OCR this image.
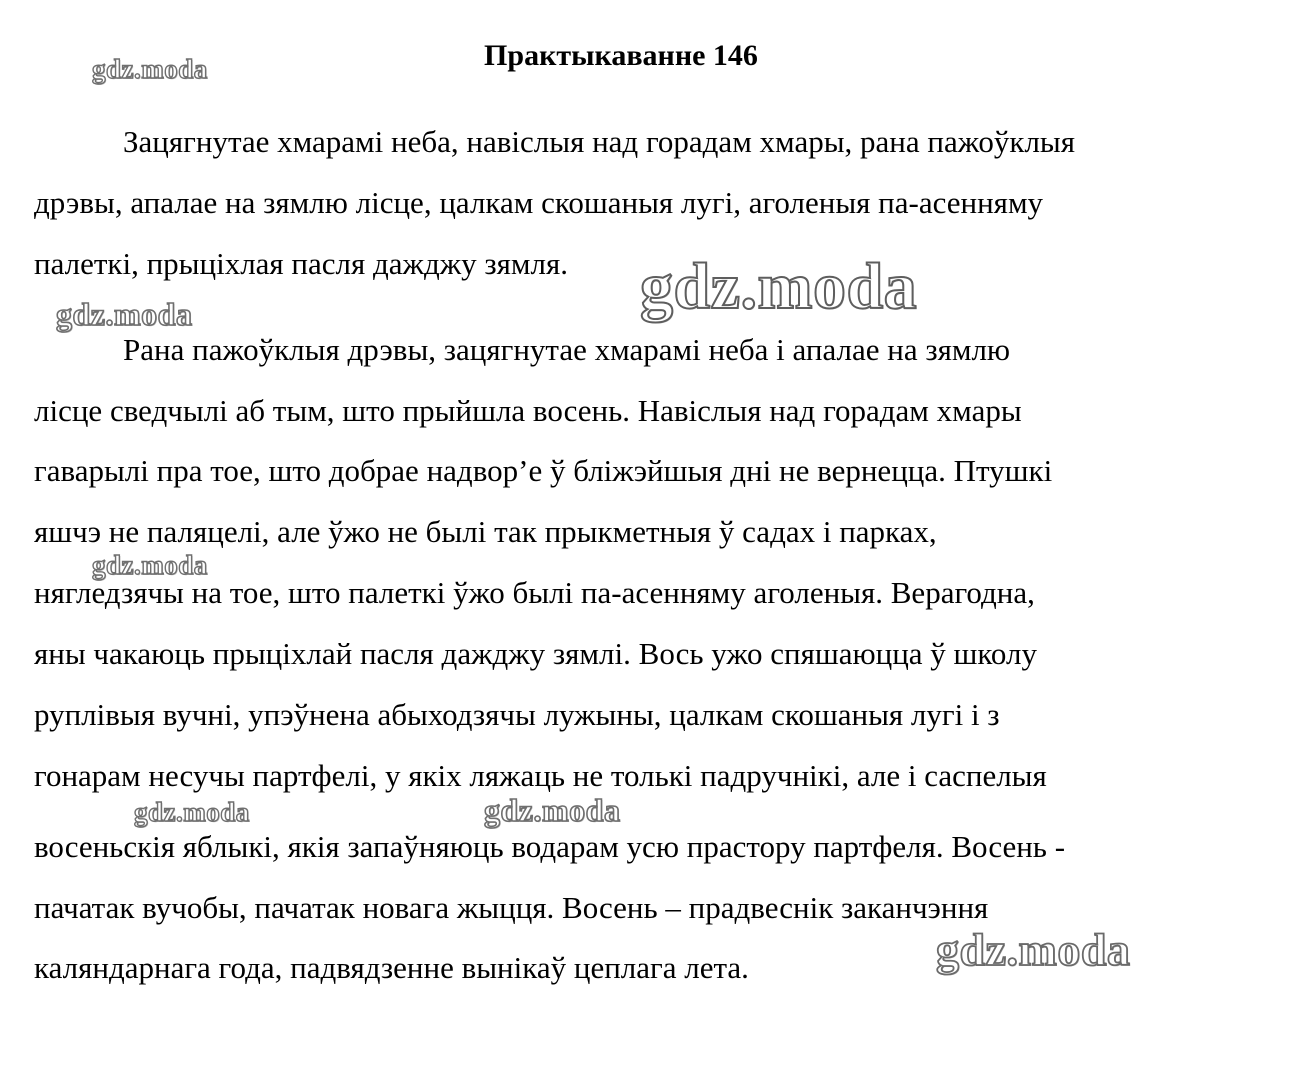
Практыкаванне 146
Зацягнутае хмарамі неба, навіслыя над горадам хмары, рана пажоўклыя
дрэвы, апалае на зямлю лісце, цалкам скошаныя лугі, аголеныя па-асенняму
палеткі, прыціхлая пасля дажджу зямля.
Рана пажоўклыя дрэвы, зацягнутае хмарамі неба і апалае на зямлю
лісце сведчылі аб тым, што прыйшла восень. Навіслыя над горадам хмары
гаварылі пра тое, што добрае надвор’е ў бліжэйшыя дні не вернецца. Птушкі
яшчэ не паляцелі, але ўжо не былі так прыкметныя ў садах і парках,
нягледзячы на тое, што палеткі ўжо былі па-асенняму аголеныя. Верагодна,
яны чакаюць прыціхлай пасля дажджу зямлі. Вось ужо спяшаюцца ў школу
руплівыя вучні, упэўнена абыходзячы лужыны, цалкам скошаныя лугі і з
гонарам несучы партфелі, у якіх ляжаць не толькі падручнікі, але і саспелыя
восеньскія яблыкі, якія запаўняюць водарам усю прастору партфеля. Восень -
пачатак вучобы, пачатак новага жыцця. Восень – прадвеснік заканчэння
каляндарнага года, падвядзенне вынікаў цеплага лета.
gdz.moda
gdz.moda
gdz.moda
gdz.moda
gdz.moda	gdz.moda
gdz.moda
